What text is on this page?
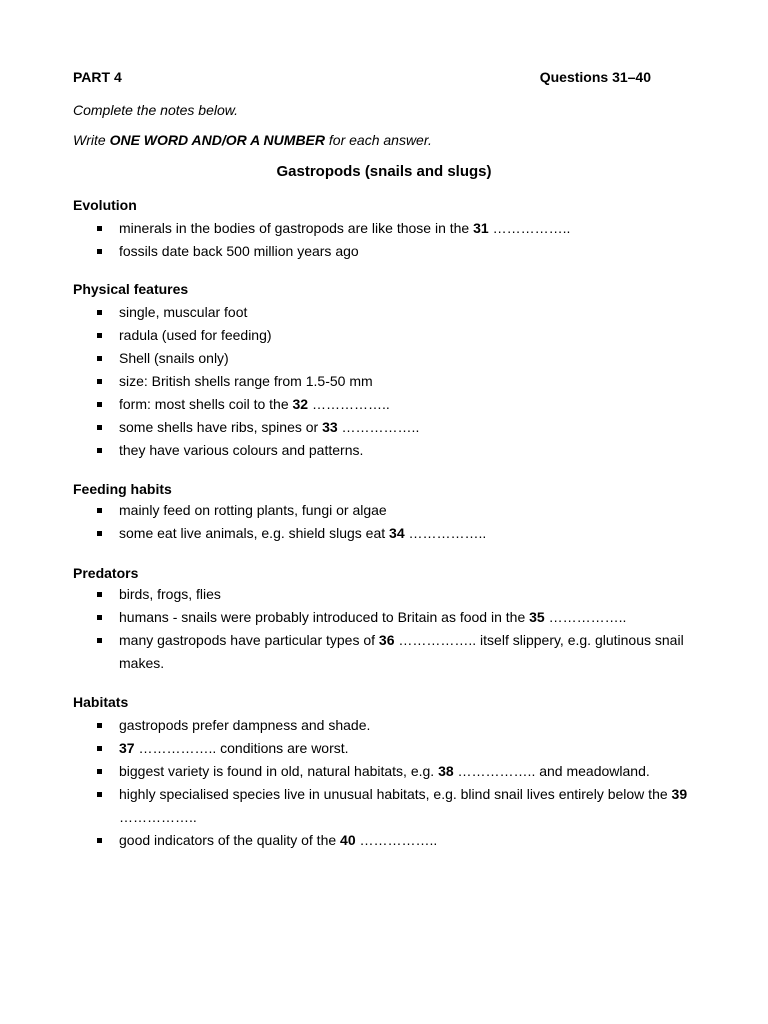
PART 4	Questions 31–40
Complete the notes below.
Write ONE WORD AND/OR A NUMBER for each answer.
Gastropods (snails and slugs)
Evolution
minerals in the bodies of gastropods are like those in the 31 ……………..
fossils date back 500 million years ago
Physical features
single, muscular foot
radula (used for feeding)
Shell (snails only)
size: British shells range from 1.5-50 mm
form: most shells coil to the 32 ……………..
some shells have ribs, spines or 33 ……………..
they have various colours and patterns.
Feeding habits
mainly feed on rotting plants, fungi or algae
some eat live animals, e.g. shield slugs eat 34 ……………..
Predators
birds, frogs, flies
humans - snails were probably introduced to Britain as food in the 35 ……………..
many gastropods have particular types of 36 …………….. itself slippery, e.g. glutinous snail makes.
Habitats
gastropods prefer dampness and shade.
37 …………….. conditions are worst.
biggest variety is found in old, natural habitats, e.g. 38 …………….. and meadowland.
highly specialised species live in unusual habitats, e.g. blind snail lives entirely below the 39 ……………..
good indicators of the quality of the 40 ……………..
